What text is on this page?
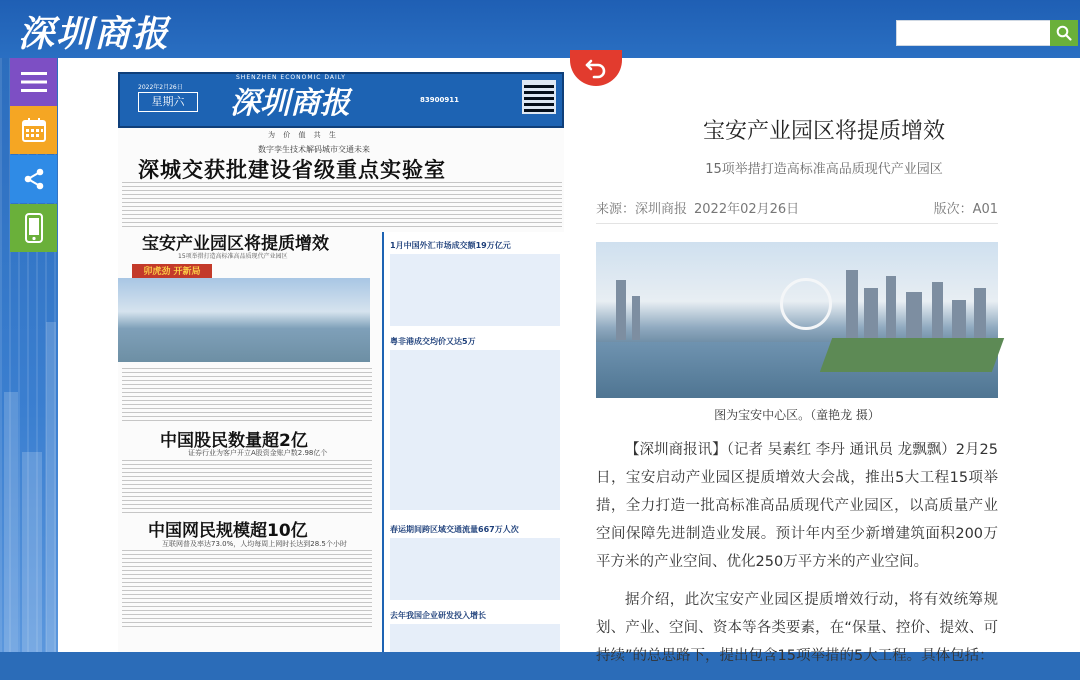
深圳商报
SHENZHEN ECONOMIC DAILY
2022年2月26日
星期六	深圳商报	83900911
为 价 值 共 生
数字孪生技术解码城市交通未来
深城交获批建设省级重点实验室
宝安产业园区将提质增效
15项举措打造高标准高品质现代产业园区
卯虎劲 开新局
中国股民数量超2亿
证券行业为客户开立A股资金账户数2.98亿个
中国网民规模超10亿
互联网普及率达73.0%，人均每周上网时长达到28.5个小时
1月中国外汇市场成交额19万亿元
粤非港成交均价又达5万
春运期间跨区域交通流量667万人次
去年我国企业研发投入增长
宝安产业园区将提质增效
15项举措打造高标准高品质现代产业园区
来源：深圳商报 2022年02月26日	版次：A01
图为宝安中心区。（童艳龙 摄）

【深圳商报讯】（记者 吴素红 李丹 通讯员 龙飘飘）2月25日，宝安启动产业园区提质增效大会战，推出5大工程15项举措，全力打造一批高标准高品质现代产业园区，以高质量产业空间保障先进制造业发展。预计年内至少新增建筑面积200万平方米的产业空间、优化250万平方米的产业空间。

据介绍，此次宝安产业园区提质增效行动，将有效统筹规划、产业、空间、资本等各类要素，在“保量、控价、提效、可持续”的总思路下，提出包含15项举措的5大工程。具体包括：
